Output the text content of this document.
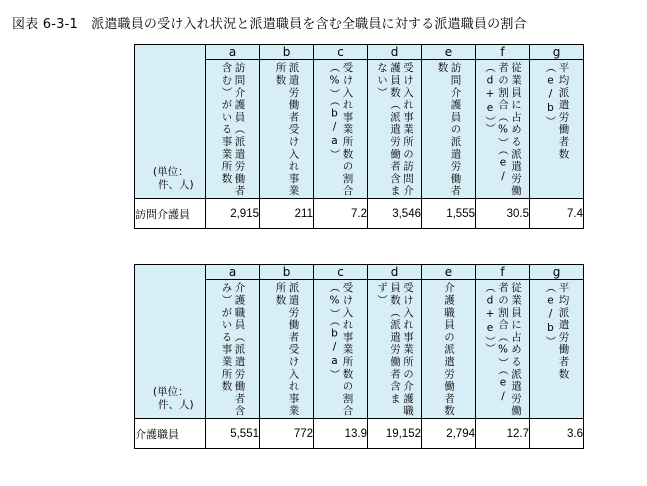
図表 6-3-1　派遣職員の受け入れ状況と派遣職員を含む全職員に対する派遣職員の割合
(単位：
件、人)	a	b	c	d	e	f	g

	訪問介護員（派遣労働者含む）がいる事業所数	派遣労働者受け入れ事業所数	受け入れ事業所数の割合（%）（b/a）	受け入れ事業所の訪問介護員数（派遣労働者含まない）	訪問介護員の派遣労働者数	従業員に占める派遣労働者の割合（%）（e/（d+e））	平均派遣労働者数（e/b）

訪問介護員	2,915	211	7.2	3,546	1,555	30.5	7.4
(単位：
件、人)	a	b	c	d	e	f	g

	介護職員（派遣労働者含み）がいる事業所数	派遣労働者受け入れ事業所数	受け入れ事業所数の割合（%）（b/a）	受け入れ事業所の介護職員数（派遣労働者含まず）	介護職員の派遣労働者数	従業員に占める派遣労働者の割合（%）（e/（d+e））	平均派遣労働者数（e/b）

介護職員	5,551	772	13.9	19,152	2,794	12.7	3.6
